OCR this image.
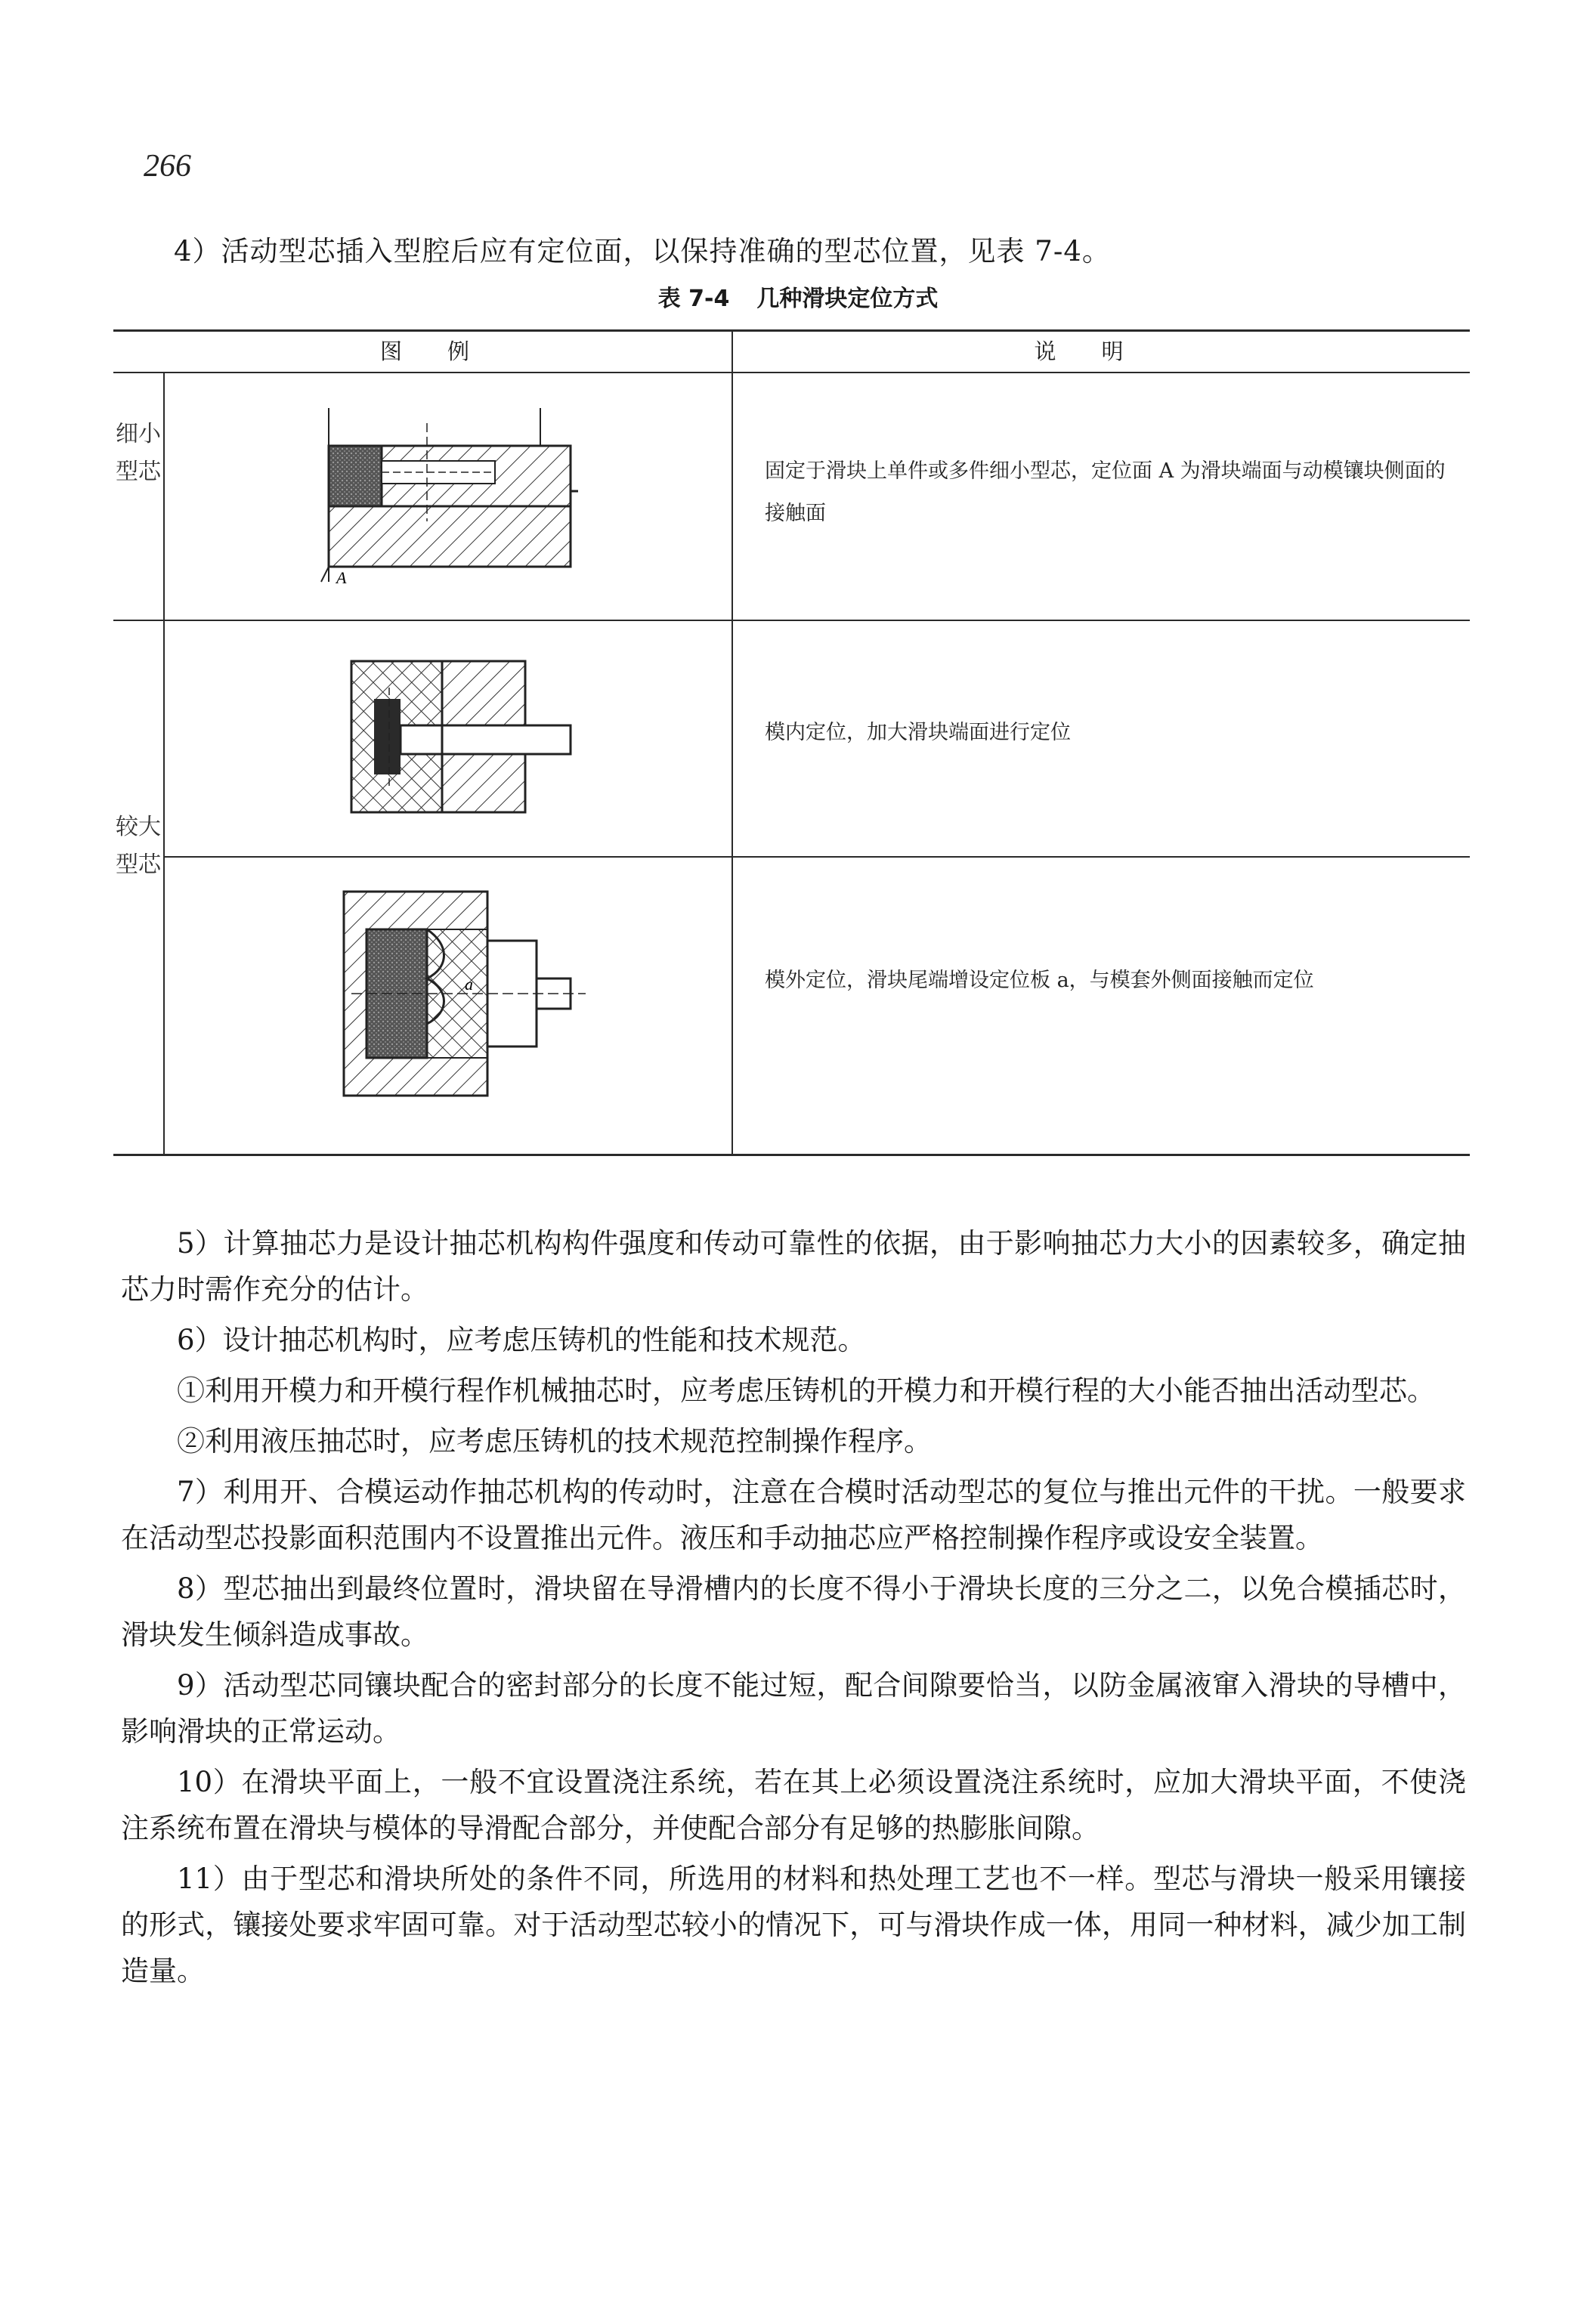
266
4）活动型芯插入型腔后应有定位面，以保持准确的型芯位置，见表 7-4。
表 7-4 几种滑块定位方式
图例	说明
细小型芯
较大型芯
固定于滑块上单件或多件细小型芯，定位面 A 为滑块端面与动模镶块侧面的接触面
模内定位，加大滑块端面进行定位
模外定位，滑块尾端增设定位板 a，与模套外侧面接触而定位
A
a

5）计算抽芯力是设计抽芯机构构件强度和传动可靠性的依据，由于影响抽芯力大小的因素较多，确定抽芯力时需作充分的估计。

6）设计抽芯机构时，应考虑压铸机的性能和技术规范。

①利用开模力和开模行程作机械抽芯时，应考虑压铸机的开模力和开模行程的大小能否抽出活动型芯。

②利用液压抽芯时，应考虑压铸机的技术规范控制操作程序。

7）利用开、合模运动作抽芯机构的传动时，注意在合模时活动型芯的复位与推出元件的干扰。一般要求在活动型芯投影面积范围内不设置推出元件。液压和手动抽芯应严格控制操作程序或设安全装置。

8）型芯抽出到最终位置时，滑块留在导滑槽内的长度不得小于滑块长度的三分之二，以免合模插芯时，滑块发生倾斜造成事故。

9）活动型芯同镶块配合的密封部分的长度不能过短，配合间隙要恰当，以防金属液窜入滑块的导槽中，影响滑块的正常运动。

10）在滑块平面上，一般不宜设置浇注系统，若在其上必须设置浇注系统时，应加大滑块平面，不使浇注系统布置在滑块与模体的导滑配合部分，并使配合部分有足够的热膨胀间隙。

11）由于型芯和滑块所处的条件不同，所选用的材料和热处理工艺也不一样。型芯与滑块一般采用镶接的形式，镶接处要求牢固可靠。对于活动型芯较小的情况下，可与滑块作成一体，用同一种材料，减少加工制造量。
